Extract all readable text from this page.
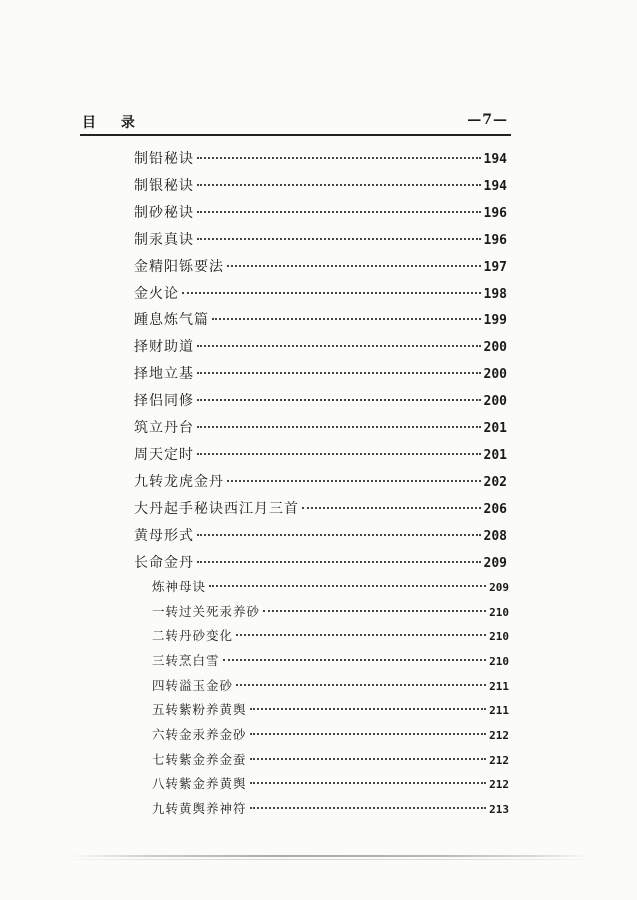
目 录	—7—
制铅秘诀	194
制银秘诀	194
制砂秘诀	196
制汞真诀	196
金精阳铄要法	197
金火论	198
踵息炼气篇	199
择财助道	200
择地立基	200
择侣同修	200
筑立丹台	201
周天定时	201
九转龙虎金丹	202
大丹起手秘诀西江月三首	206
黄母形式	208
长命金丹	209
炼神母诀	209
一转过关死汞养砂	210
二转丹砂变化	210
三转烹白雪	210
四转溢玉金砂	211
五转紫粉养黄舆	211
六转金汞养金砂	212
七转紫金养金蚕	212
八转紫金养黄舆	212
九转黄舆养神符	213
